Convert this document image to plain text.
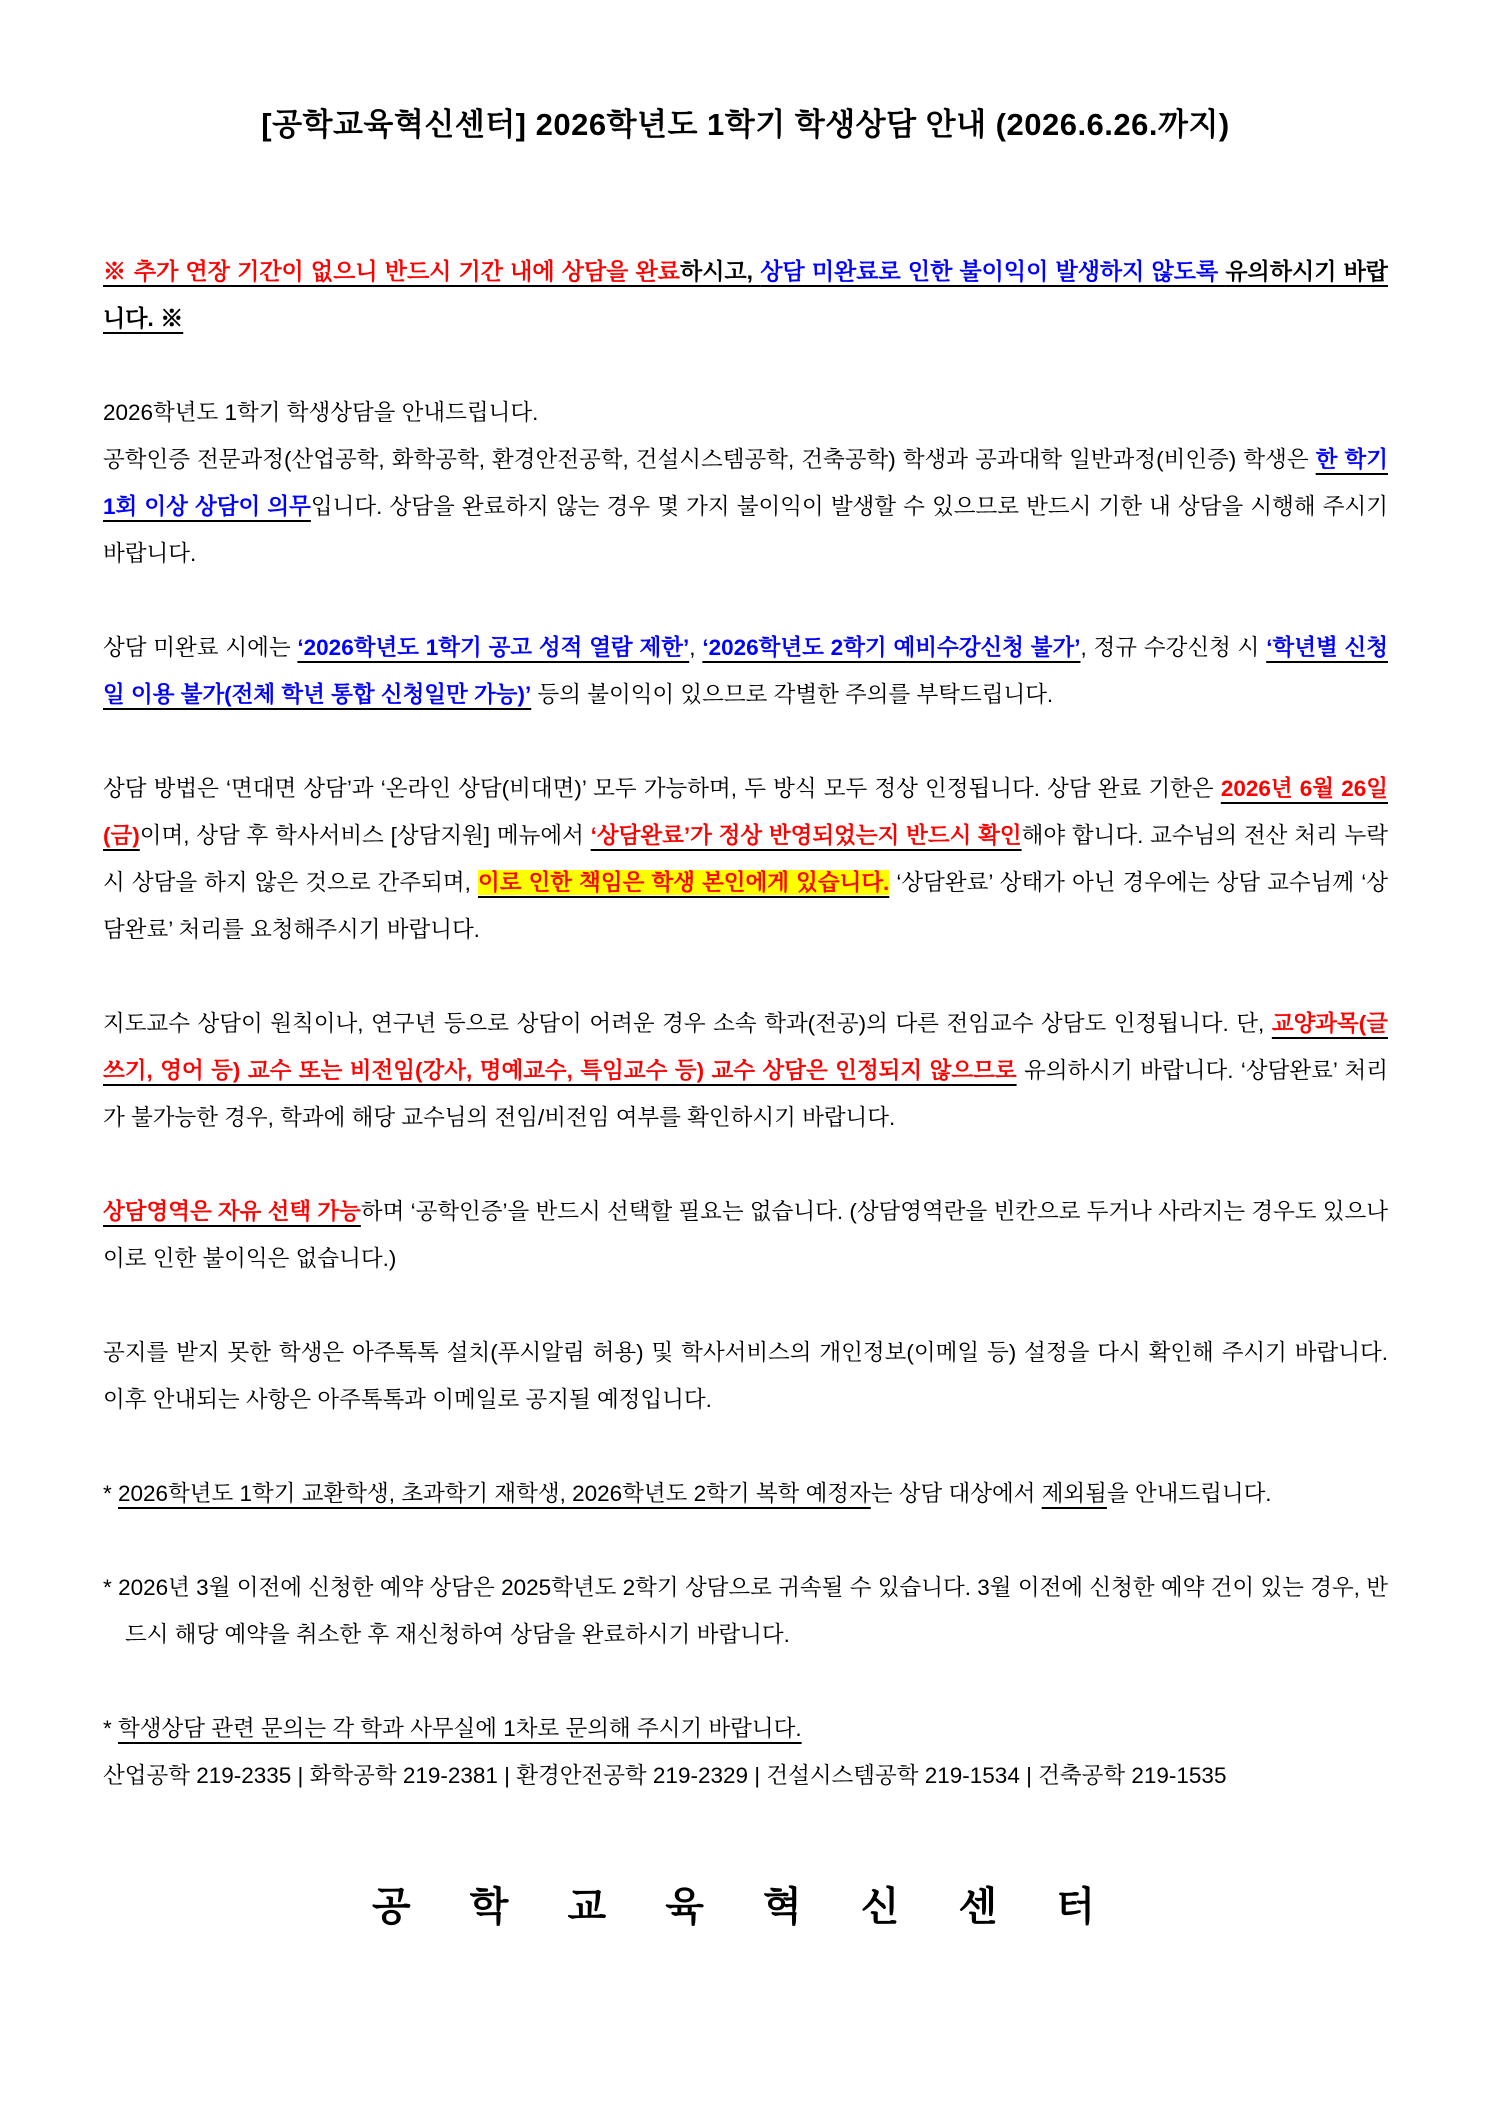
[공학교육혁신센터] 2026학년도 1학기 학생상담 안내 (2026.6.26.까지)

※ 추가 연장 기간이 없으니 반드시 기간 내에 상담을 완료하시고, 상담 미완료로 인한 불이익이 발생하지 않도록 유의하시기 바랍니다. ※

2026학년도 1학기 학생상담을 안내드립니다.

공학인증 전문과정(산업공학, 화학공학, 환경안전공학, 건설시스템공학, 건축공학) 학생과 공과대학 일반과정(비인증) 학생은 한 학기 1회 이상 상담이 의무입니다. 상담을 완료하지 않는 경우 몇 가지 불이익이 발생할 수 있으므로 반드시 기한 내 상담을 시행해 주시기 바랍니다.

상담 미완료 시에는 ‘2026학년도 1학기 공고 성적 열람 제한’, ‘2026학년도 2학기 예비수강신청 불가’, 정규 수강신청 시 ‘학년별 신청일 이용 불가(전체 학년 통합 신청일만 가능)’ 등의 불이익이 있으므로 각별한 주의를 부탁드립니다.

상담 방법은 ‘면대면 상담’과 ‘온라인 상담(비대면)’ 모두 가능하며, 두 방식 모두 정상 인정됩니다. 상담 완료 기한은 2026년 6월 26일(금)이며, 상담 후 학사서비스 [상담지원] 메뉴에서 ‘상담완료’가 정상 반영되었는지 반드시 확인해야 합니다. 교수님의 전산 처리 누락 시 상담을 하지 않은 것으로 간주되며, 이로 인한 책임은 학생 본인에게 있습니다. ‘상담완료’ 상태가 아닌 경우에는 상담 교수님께 ‘상담완료’ 처리를 요청해주시기 바랍니다.

지도교수 상담이 원칙이나, 연구년 등으로 상담이 어려운 경우 소속 학과(전공)의 다른 전임교수 상담도 인정됩니다. 단, 교양과목(글쓰기, 영어 등) 교수 또는 비전임(강사, 명예교수, 특임교수 등) 교수 상담은 인정되지 않으므로 유의하시기 바랍니다. ‘상담완료’ 처리가 불가능한 경우, 학과에 해당 교수님의 전임/비전임 여부를 확인하시기 바랍니다.

상담영역은 자유 선택 가능하며 ‘공학인증’을 반드시 선택할 필요는 없습니다. (상담영역란을 빈칸으로 두거나 사라지는 경우도 있으나 이로 인한 불이익은 없습니다.)

공지를 받지 못한 학생은 아주톡톡 설치(푸시알림 허용) 및 학사서비스의 개인정보(이메일 등) 설정을 다시 확인해 주시기 바랍니다. 이후 안내되는 사항은 아주톡톡과 이메일로 공지될 예정입니다.

* 2026학년도 1학기 교환학생, 초과학기 재학생, 2026학년도 2학기 복학 예정자는 상담 대상에서 제외됨을 안내드립니다.

* 2026년 3월 이전에 신청한 예약 상담은 2025학년도 2학기 상담으로 귀속될 수 있습니다. 3월 이전에 신청한 예약 건이 있는 경우, 반드시 해당 예약을 취소한 후 재신청하여 상담을 완료하시기 바랍니다.

* 학생상담 관련 문의는 각 학과 사무실에 1차로 문의해 주시기 바랍니다.

산업공학 219-2335 | 화학공학 219-2381 | 환경안전공학 219-2329 | 건설시스템공학 219-1534 | 건축공학 219-1535

공 학 교 육 혁 신 센 터
